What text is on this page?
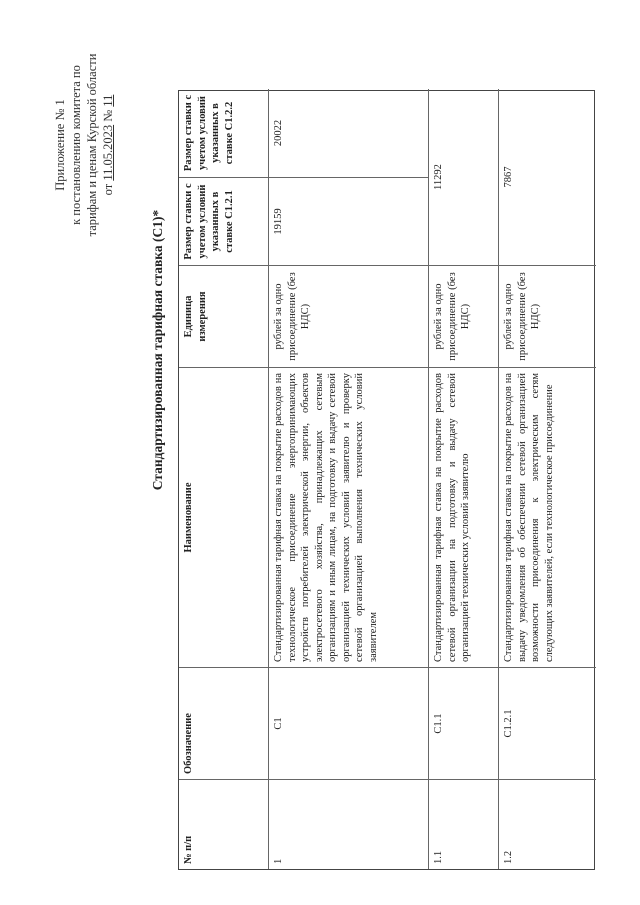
Приложение № 1 к постановлению комитета по тарифам и ценам Курской области от 11.05.2023 № 11
Стандартизированная тарифная ставка (C1)*
№ п/п
Обозначение
Наименование
Единица измерения
Размер ставки с учетом условий указанных в ставке C1.2.1
Размер ставки с учетом условий указанных в ставке C1.2.2
1
C1
Стандартизированная тарифная ставка на покрытие расходов на технологическое присоединение энергопринимающих устройств потребителей электрической энергии, объектов электросетевого хозяйства, принадлежащих сетевым организациям и иным лицам, на подготовку и выдачу сетевой организацией технических условий заявителю и проверку сетевой организацией выполнения технических условий заявителем
рублей за одно присоединение (без НДС)
19159
20022
1.1
C1.1
Стандартизированная тарифная ставка на покрытие расходов сетевой организации на подготовку и выдачу сетевой организацией технических условий заявителю
рублей за одно присоединение (без НДС)
11292
1.2
C1.2.1
Стандартизированная тарифная ставка на покрытие расходов на выдачу уведомления об обеспечении сетевой организацией возможности присоединения к электрическим сетям следующих заявителей, если технологическое присоединение
рублей за одно присоединение (без НДС)
7867
